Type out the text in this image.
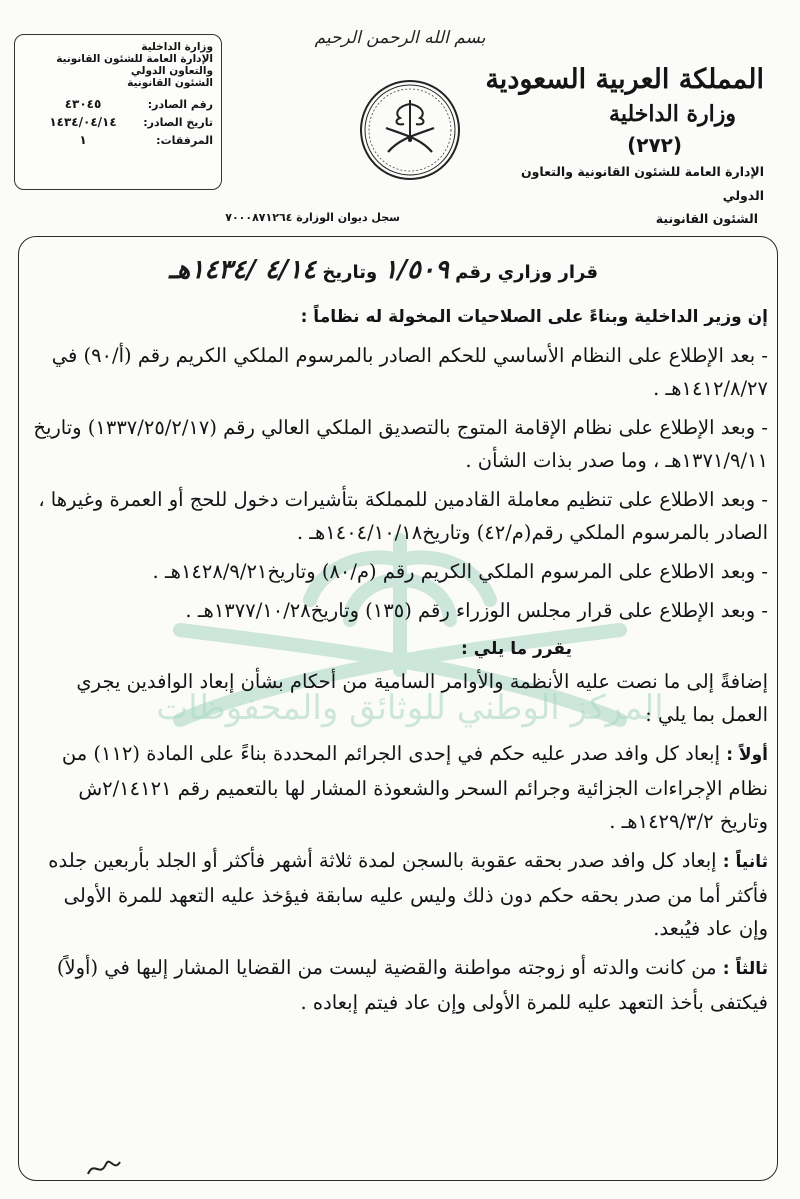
بسم الله الرحمن الرحيم
المملكة العربية السعودية
وزارة الداخلية
(٢٧٢)
الإدارة العامة للشئون القانونية والتعاون الدولي
الشئون القانونية
وزارة الداخلية
الإدارة العامة للشئون القانونية والتعاون الدولي
الشئون القانونية
رقم الصادر:
٤٣٠٤٥
تاريخ الصادر:
١٤٣٤/٠٤/١٤
المرفقات:
١
سجل ديوان الوزارة ٧٠٠٠٨٧١٢٦٤
المركز الوطني للوثائق والمحفوظات

قرار وزاري رقم ١/٥٠٩ وتاريخ ٤/١٤ /١٤٣٤هـ

إن وزير الداخلية وبناءً على الصلاحيات المخولة له نظاماً :

- بعد الإطلاع على النظام الأساسي للحكم الصادر بالمرسوم الملكي الكريم رقم (أ/٩٠) في ١٤١٢/٨/٢٧هـ .

- وبعد الإطلاع على نظام الإقامة المتوج بالتصديق الملكي العالي رقم (١٣٣٧/٢٥/٢/١٧) وتاريخ ١٣٧١/٩/١١هـ ، وما صدر بذات الشأن .

- وبعد الاطلاع على تنظيم معاملة القادمين للمملكة بتأشيرات دخول للحج أو العمرة وغيرها ، الصادر بالمرسوم الملكي رقم(م/٤٢) وتاريخ١٤٠٤/١٠/١٨هـ .

- وبعد الاطلاع على المرسوم الملكي الكريم رقم (م/٨٠) وتاريخ١٤٢٨/٩/٢١هـ .

- وبعد الإطلاع على قرار مجلس الوزراء رقم (١٣٥) وتاريخ١٣٧٧/١٠/٢٨هـ .

يقرر ما يلي :

إضافةً إلى ما نصت عليه الأنظمة والأوامر السامية من أحكام بشأن إبعاد الوافدين يجري العمل بما يلي :

أولاً : إبعاد كل وافد صدر عليه حكم في إحدى الجرائم المحددة بناءً على المادة (١١٢) من نظام الإجراءات الجزائية وجرائم السحر والشعوذة المشار لها بالتعميم رقم ٢/١٤١٢١ش وتاريخ ١٤٢٩/٣/٢هـ .

ثانياً : إبعاد كل وافد صدر بحقه عقوبة بالسجن لمدة ثلاثة أشهر فأكثر أو الجلد بأربعين جلده فأكثر أما من صدر بحقه حكم دون ذلك وليس عليه سابقة فيؤخذ عليه التعهد للمرة الأولى وإن عاد فيُبعد.

ثالثاً : من كانت والدته أو زوجته مواطنة والقضية ليست من القضايا المشار إليها في (أولاً) فيكتفى بأخذ التعهد عليه للمرة الأولى وإن عاد فيتم إبعاده .
